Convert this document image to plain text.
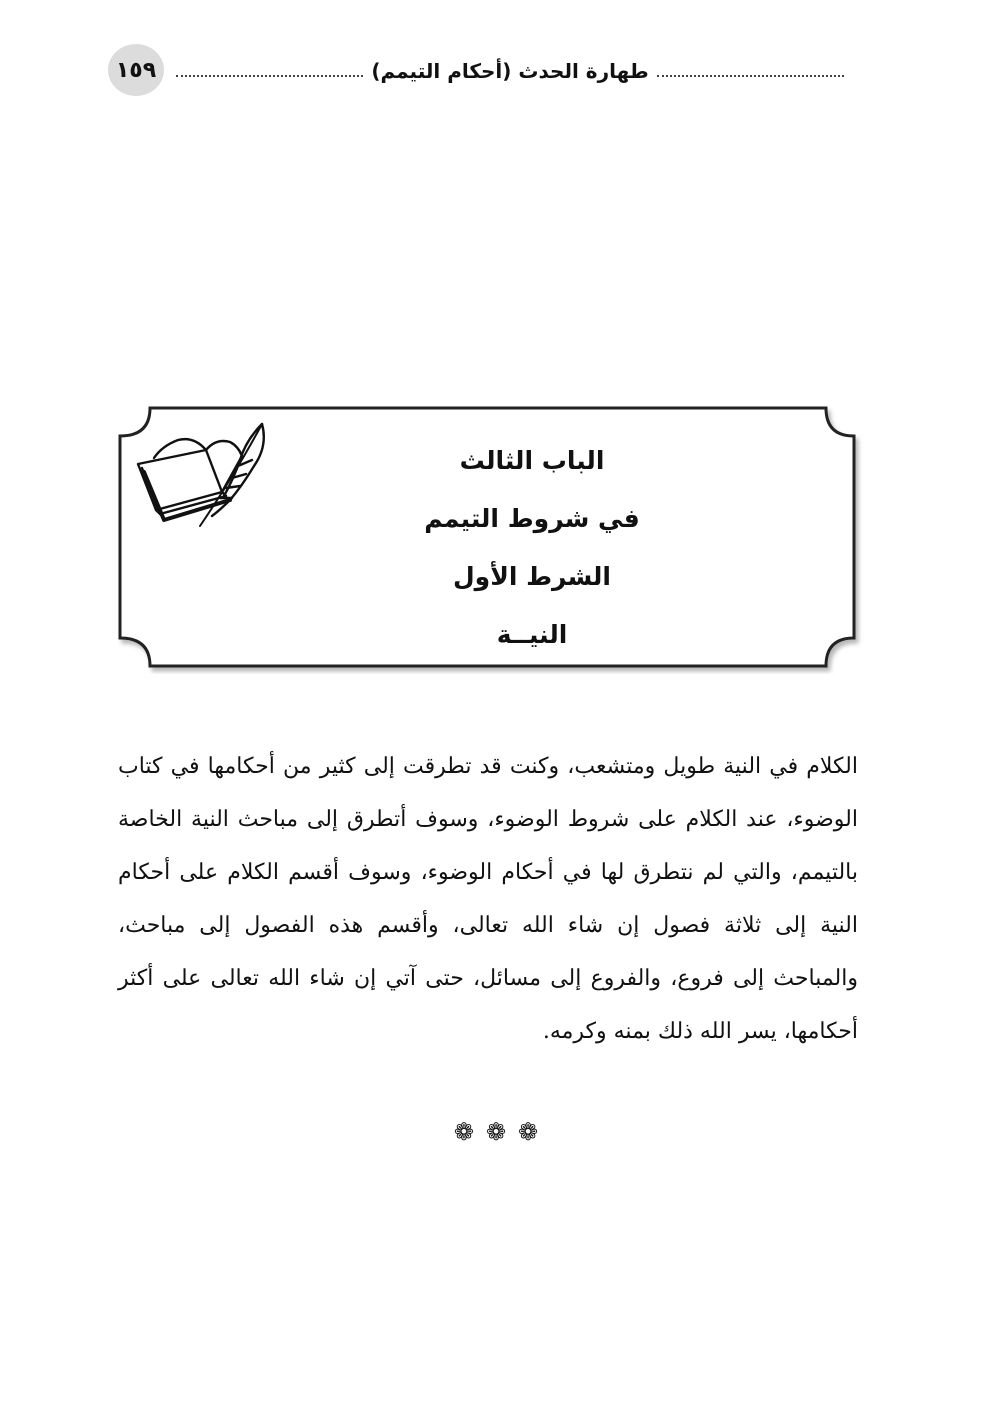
١٥٩	طهارة الحدث (أحكام التيمم)
الباب الثالث
في شروط التيمم
الشرط الأول
النيــة
الكلام في النية طويل ومتشعب، وكنت قد تطرقت إلى كثير من أحكامها في كتاب الوضوء، عند الكلام على شروط الوضوء، وسوف أتطرق إلى مباحث النية الخاصة بالتيمم، والتي لم نتطرق لها في أحكام الوضوء، وسوف أقسم الكلام على أحكام النية إلى ثلاثة فصول إن شاء الله تعالى، وأقسم هذه الفصول إلى مباحث، والمباحث إلى فروع، والفروع إلى مسائل، حتى آتي إن شاء الله تعالى على أكثر أحكامها، يسر الله ذلك بمنه وكرمه.
❁❁❁
